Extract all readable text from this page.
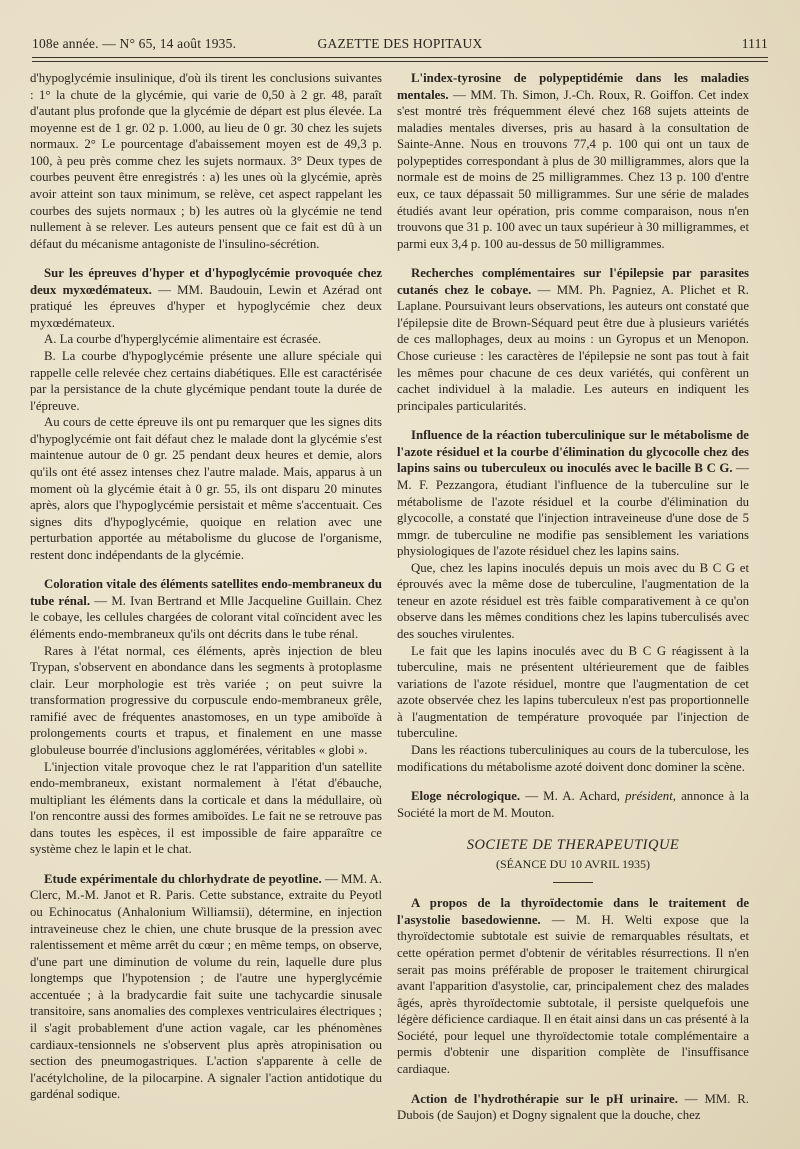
108e année. — N° 65, 14 août 1935.	GAZETTE DES HOPITAUX	1111

d'hypoglycémie insulinique, d'où ils tirent les conclusions suivantes : 1° la chute de la glycémie, qui varie de 0,50 à 2 gr. 48, paraît d'autant plus profonde que la glycémie de départ est plus élevée. La moyenne est de 1 gr. 02 p. 1.000, au lieu de 0 gr. 30 chez les sujets normaux. 2° Le pourcentage d'abaissement moyen est de 49,3 p. 100, à peu près comme chez les sujets normaux. 3° Deux types de courbes peuvent être enregistrés : a) les unes où la glycémie, après avoir atteint son taux minimum, se relève, cet aspect rappelant les courbes des sujets normaux ; b) les autres où la glycémie ne tend nullement à se relever. Les auteurs pensent que ce fait est dû à un défaut du mécanisme antagoniste de l'insulino-sécrétion.

Sur les épreuves d'hyper et d'hypoglycémie provoquée chez deux myxœdémateux. — MM. Baudouin, Lewin et Azérad ont pratiqué les épreuves d'hyper et hypoglycémie chez deux myxœdémateux.

A. La courbe d'hyperglycémie alimentaire est écrasée.

B. La courbe d'hypoglycémie présente une allure spéciale qui rappelle celle relevée chez certains diabétiques. Elle est caractérisée par la persistance de la chute glycémique pendant toute la durée de l'épreuve.

Au cours de cette épreuve ils ont pu remarquer que les signes dits d'hypoglycémie ont fait défaut chez le malade dont la glycémie s'est maintenue autour de 0 gr. 25 pendant deux heures et demie, alors qu'ils ont été assez intenses chez l'autre malade. Mais, apparus à un moment où la glycémie était à 0 gr. 55, ils ont disparu 20 minutes après, alors que l'hypoglycémie persistait et même s'accentuait. Ces signes dits d'hypoglycémie, quoique en relation avec une perturbation apportée au métabolisme du glucose de l'organisme, restent donc indépendants de la glycémie.

Coloration vitale des éléments satellites endo-membraneux du tube rénal. — M. Ivan Bertrand et Mlle Jacqueline Guillain. Chez le cobaye, les cellules chargées de colorant vital coïncident avec les éléments endo-membraneux qu'ils ont décrits dans le tube rénal.

Rares à l'état normal, ces éléments, après injection de bleu Trypan, s'observent en abondance dans les segments à protoplasme clair. Leur morphologie est très variée ; on peut suivre la transformation progressive du corpuscule endo-membraneux grêle, ramifié avec de fréquentes anastomoses, en un type amiboïde à prolongements courts et trapus, et finalement en une masse globuleuse bourrée d'inclusions agglomérées, véritables « globi ».

L'injection vitale provoque chez le rat l'apparition d'un satellite endo-membraneux, existant normalement à l'état d'ébauche, multipliant les éléments dans la corticale et dans la médullaire, où l'on rencontre aussi des formes amiboïdes. Le fait ne se retrouve pas dans toutes les espèces, il est impossible de faire apparaître ce système chez le lapin et le chat.

Etude expérimentale du chlorhydrate de peyotline. — MM. A. Clerc, M.-M. Janot et R. Paris. Cette substance, extraite du Peyotl ou Echinocatus (Anhalonium Williamsii), détermine, en injection intraveineuse chez le chien, une chute brusque de la pression avec ralentissement et même arrêt du cœur ; en même temps, on observe, d'une part une diminution de volume du rein, laquelle dure plus longtemps que l'hypotension ; de l'autre une hyperglycémie accentuée ; à la bradycardie fait suite une tachycardie sinusale transitoire, sans anomalies des complexes ventriculaires électriques ; il s'agit probablement d'une action vagale, car les phénomènes cardiaux-tensionnels ne s'observent plus après atropinisation ou section des pneumogastriques. L'action s'apparente à celle de l'acétylcholine, de la pilocarpine. A signaler l'action antidotique du gardénal sodique.

L'index-tyrosine de polypeptidémie dans les maladies mentales. — MM. Th. Simon, J.-Ch. Roux, R. Goiffon. Cet index s'est montré très fréquemment élevé chez 168 sujets atteints de maladies mentales diverses, pris au hasard à la consultation de Sainte-Anne. Nous en trouvons 77,4 p. 100 qui ont un taux de polypeptides correspondant à plus de 30 milligrammes, alors que la normale est de moins de 25 milligrammes. Chez 13 p. 100 d'entre eux, ce taux dépassait 50 milligrammes. Sur une série de malades étudiés avant leur opération, pris comme comparaison, nous n'en trouvons que 31 p. 100 avec un taux supérieur à 30 milligrammes, et parmi eux 3,4 p. 100 au-dessus de 50 milligrammes.

Recherches complémentaires sur l'épilepsie par parasites cutanés chez le cobaye. — MM. Ph. Pagniez, A. Plichet et R. Laplane. Poursuivant leurs observations, les auteurs ont constaté que l'épilepsie dite de Brown-Séquard peut être due à plusieurs variétés de ces mallophages, deux au moins : un Gyropus et un Menopon. Chose curieuse : les caractères de l'épilepsie ne sont pas tout à fait les mêmes pour chacune de ces deux variétés, qui confèrent un cachet individuel à la maladie. Les auteurs en indiquent les principales particularités.

Influence de la réaction tuberculinique sur le métabolisme de l'azote résiduel et la courbe d'élimination du glycocolle chez des lapins sains ou tuberculeux ou inoculés avec le bacille B C G. — M. F. Pezzangora, étudiant l'influence de la tuberculine sur le métabolisme de l'azote résiduel et la courbe d'élimination du glycocolle, a constaté que l'injection intraveineuse d'une dose de 5 mmgr. de tuberculine ne modifie pas sensiblement les variations physiologiques de l'azote résiduel chez les lapins sains.

Que, chez les lapins inoculés depuis un mois avec du B C G et éprouvés avec la même dose de tuberculine, l'augmentation de la teneur en azote résiduel est très faible comparativement à ce qu'on observe dans les mêmes conditions chez les lapins tuberculisés avec des souches virulentes.

Le fait que les lapins inoculés avec du B C G réagissent à la tuberculine, mais ne présentent ultérieurement que de faibles variations de l'azote résiduel, montre que l'augmentation de cet azote observée chez les lapins tuberculeux n'est pas proportionnelle à l'augmentation de température provoquée par l'injection de tuberculine.

Dans les réactions tuberculiniques au cours de la tuberculose, les modifications du métabolisme azoté doivent donc dominer la scène.

Eloge nécrologique. — M. A. Achard, président, annonce à la Société la mort de M. Mouton.

SOCIETE DE THERAPEUTIQUE
(SÉANCE DU 10 AVRIL 1935)

A propos de la thyroïdectomie dans le traitement de l'asystolie basedowienne. — M. H. Welti expose que la thyroïdectomie subtotale est suivie de remarquables résultats, et cette opération permet d'obtenir de véritables résurrections. Il n'en serait pas moins préférable de proposer le traitement chirurgical avant l'apparition d'asystolie, car, principalement chez des malades âgés, après thyroïdectomie subtotale, il persiste quelquefois une légère déficience cardiaque. Il en était ainsi dans un cas présenté à la Société, pour lequel une thyroïdectomie totale complémentaire a permis d'obtenir une disparition complète de l'insuffisance cardiaque.

Action de l'hydrothérapie sur le pH urinaire. — MM. R. Dubois (de Saujon) et Dogny signalent que la douche, chez
